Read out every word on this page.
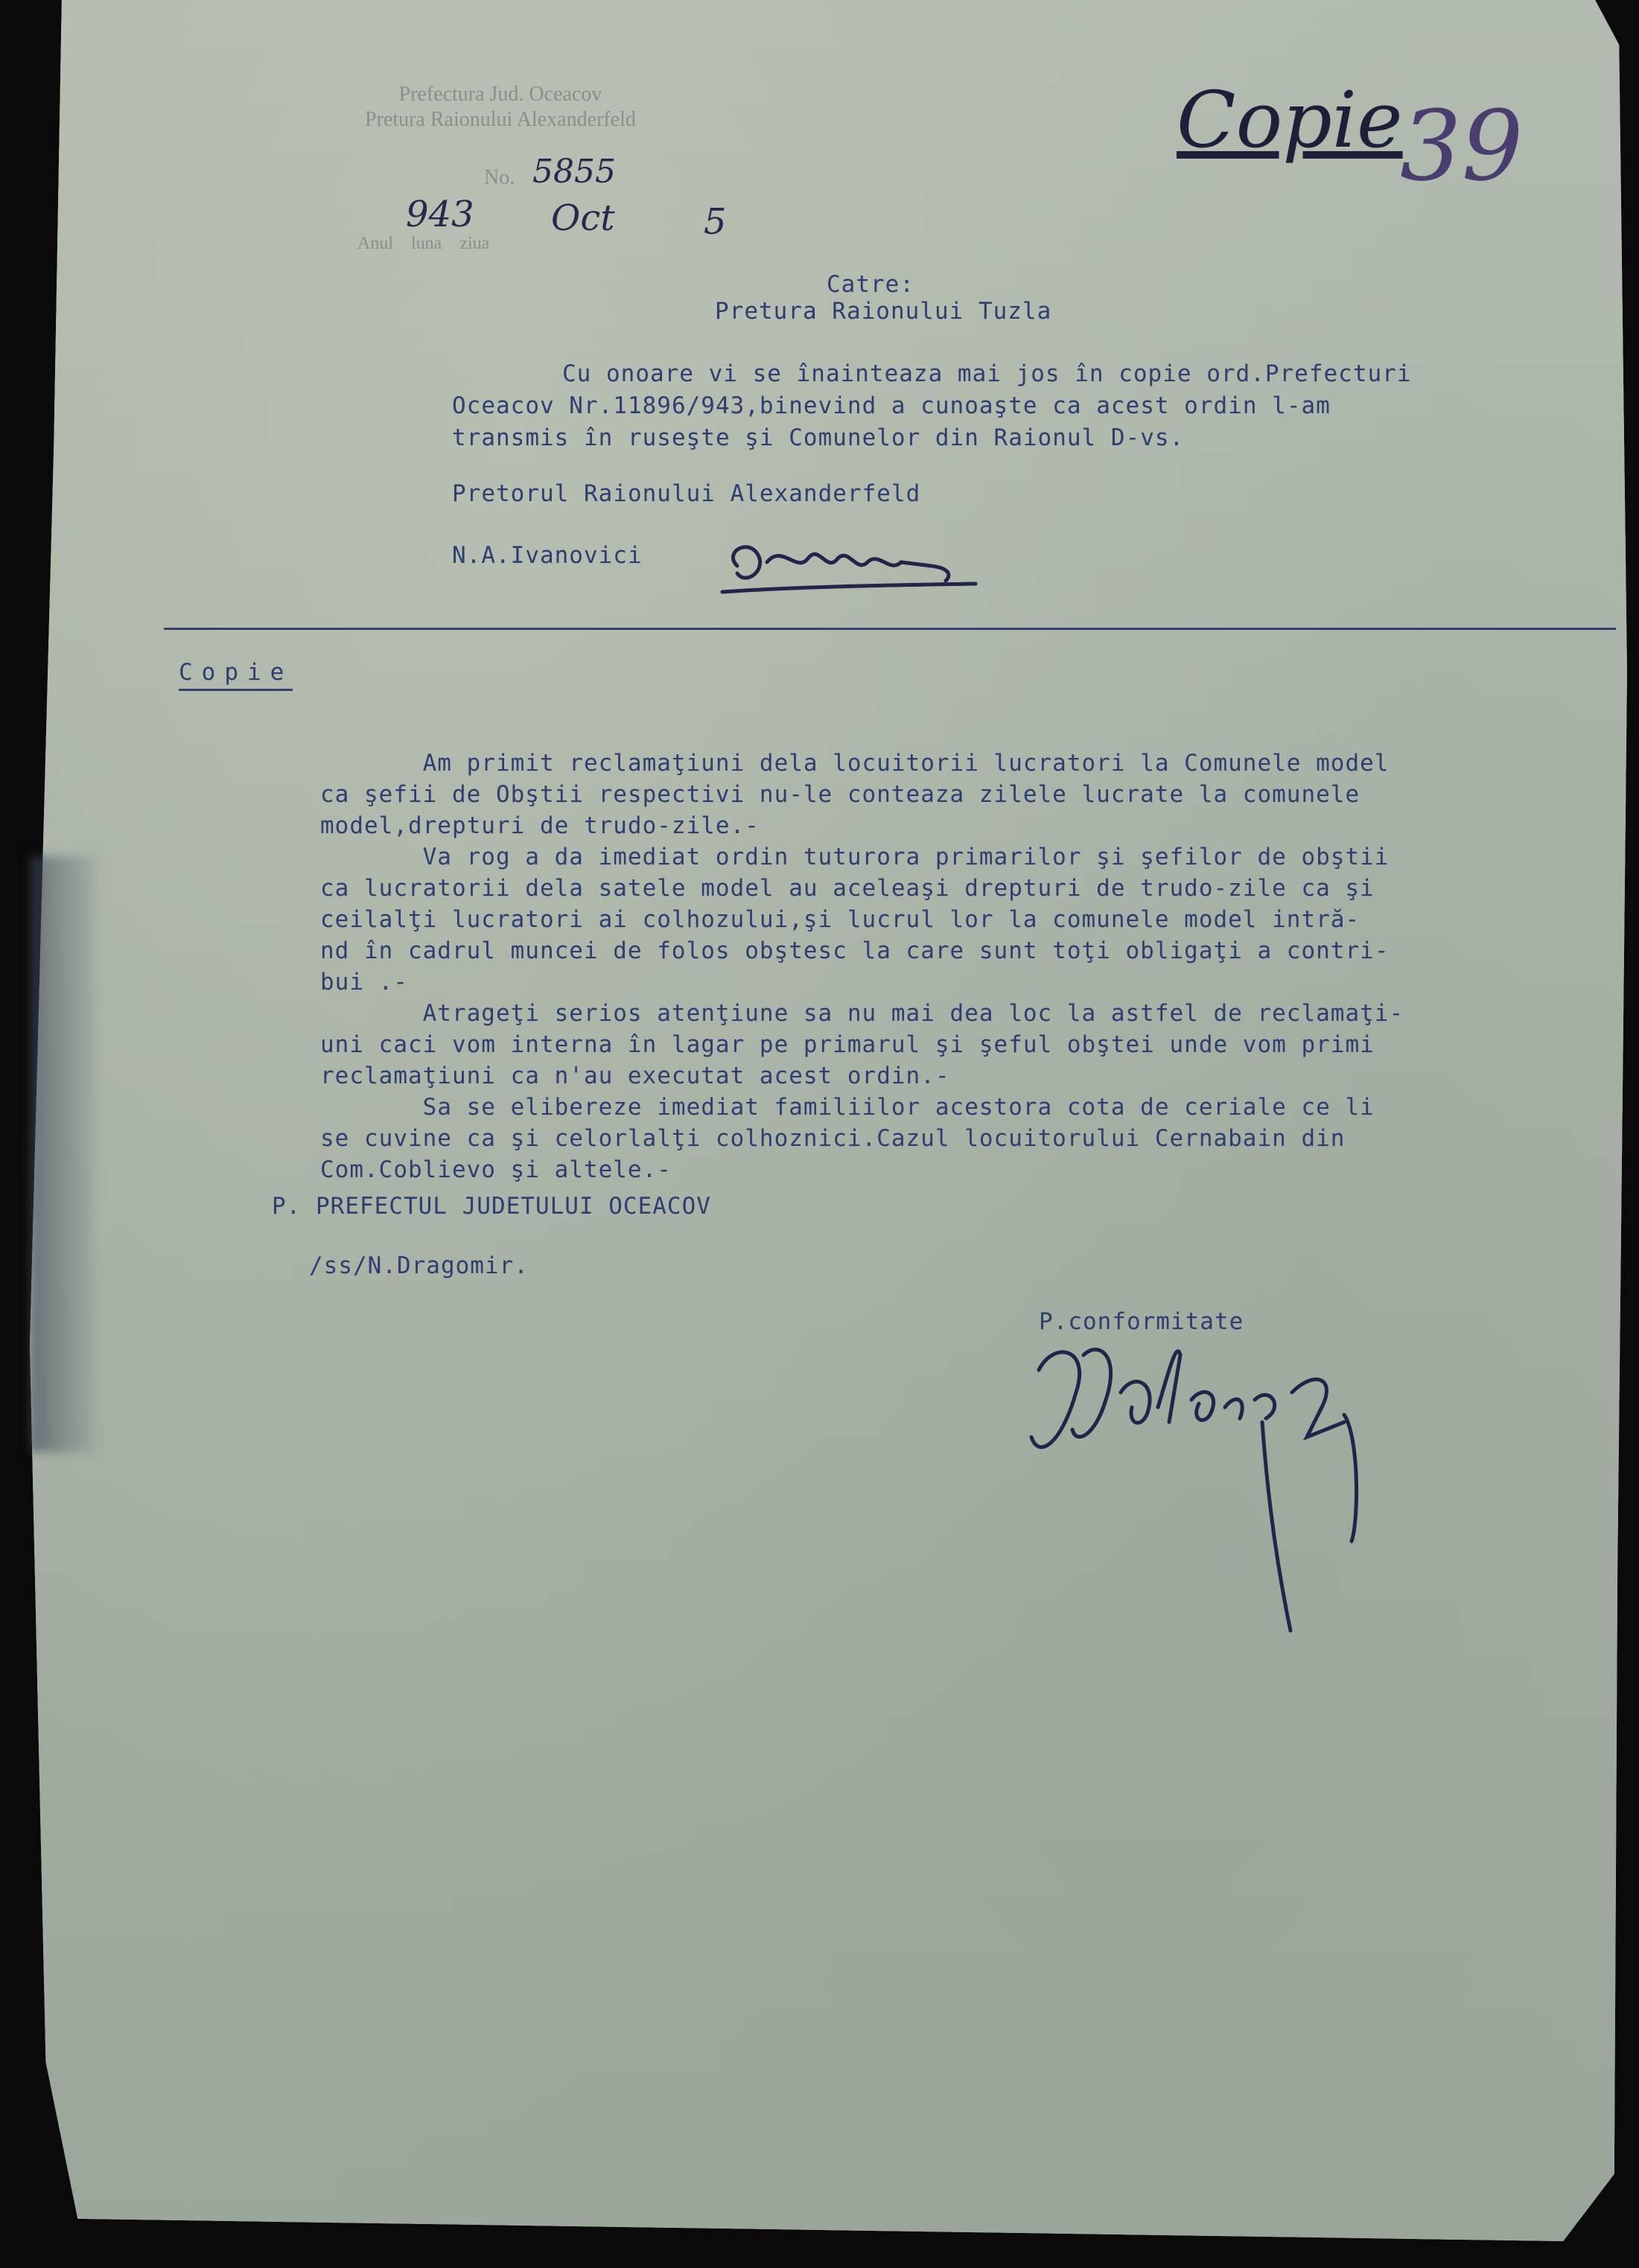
Prefectura Jud. Oceacov
Pretura Raionului Alexanderfeld
No. 5855
Anul    luna    ziua
943 Oct 5
Copie
39
Catre:
Pretura Raionului Tuzla
Cu onoare vi se înainteaza mai jos în copie ord.Prefecturi
Oceacov Nr.11896/943,binevind a cunoaşte ca acest ordin l-am
transmis în ruseşte şi Comunelor din Raionul D-vs.
Pretorul Raionului Alexanderfeld
N.A.Ivanovici
Copie
Am primit reclamaţiuni dela locuitorii lucratori la Comunele model
ca şefii de Obştii respectivi nu-le conteaza zilele lucrate la comunele
model,drepturi de trudo-zile.-
Va rog a da imediat ordin tuturora primarilor şi şefilor de obştii
ca lucratorii dela satele model au aceleaşi drepturi de trudo-zile ca şi
ceilalţi lucratori ai colhozului,şi lucrul lor la comunele model intră-
nd în cadrul muncei de folos obştesc la care sunt toţi obligaţi a contri-
bui .-
Atrageţi serios atenţiune sa nu mai dea loc la astfel de reclamaţi-
uni caci vom interna în lagar pe primarul şi şeful obştei unde vom primi
reclamaţiuni ca n'au executat acest ordin.-
Sa se elibereze imediat familiilor acestora cota de ceriale ce li
se cuvine ca şi celorlalţi colhoznici.Cazul locuitorului Cernabain din
Com.Coblievo şi altele.-
P. PREFECTUL JUDETULUI OCEACOV
/ss/N.Dragomir.
P.conformitate
